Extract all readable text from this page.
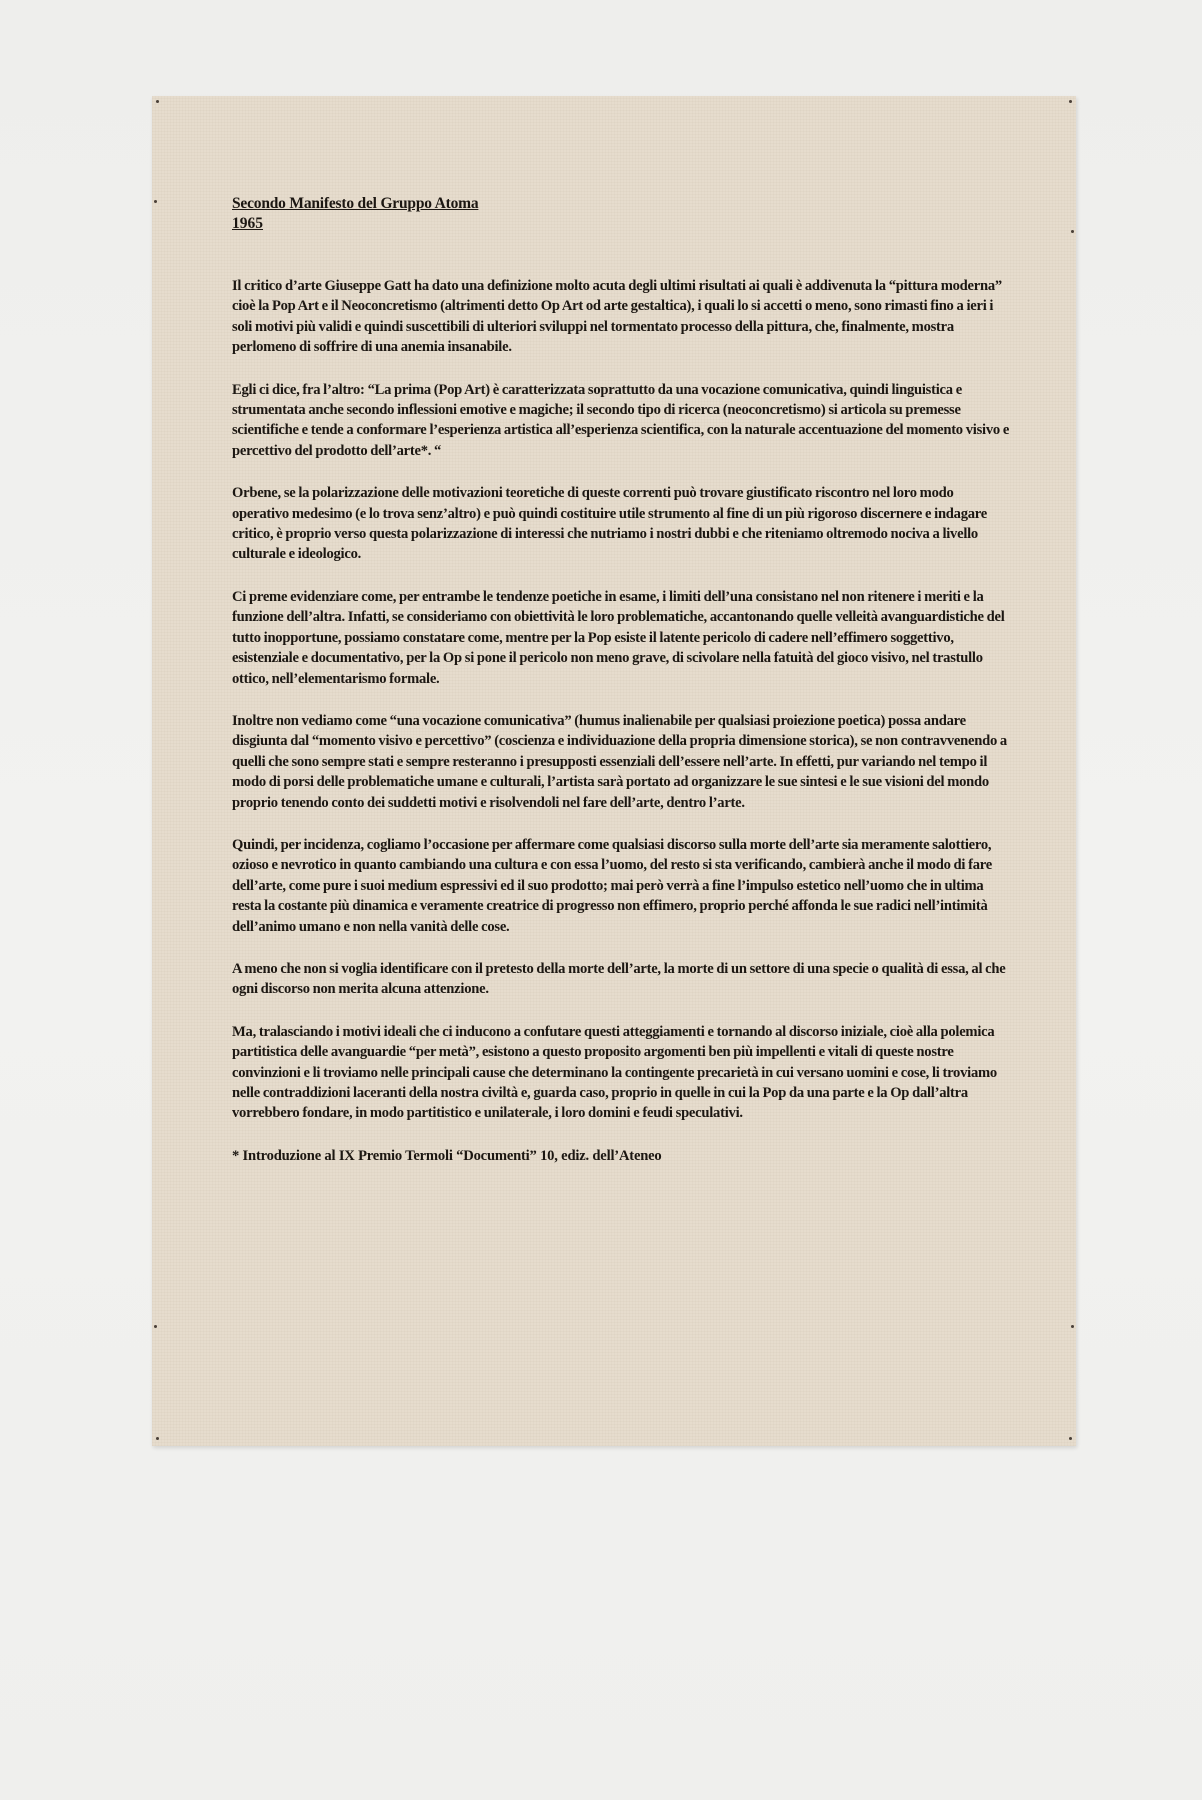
Secondo Manifesto del Gruppo Atoma
1965

Il critico d’arte Giuseppe Gatt ha dato una definizione molto acuta degli ultimi risultati ai quali è addivenuta la “pittura moderna” cioè la Pop Art e il Neoconcretismo (altrimenti detto Op Art od arte gestaltica), i quali lo si accetti o meno, sono rimasti fino a ieri i soli motivi più validi e quindi suscettibili di ulteriori sviluppi nel tormentato processo della pittura, che, finalmente, mostra perlomeno di soffrire di una anemia insanabile.

Egli ci dice, fra l’altro: “La prima (Pop Art) è caratterizzata soprattutto da una vocazione comunicativa, quindi linguistica e strumentata anche secondo inflessioni emotive e magiche; il secondo tipo di ricerca (neoconcretismo) si articola su premesse scientifiche e tende a conformare l’esperienza artistica all’esperienza scientifica, con la naturale accentuazione del momento visivo e percettivo del prodotto dell’arte*. “

Orbene, se la polarizzazione delle motivazioni teoretiche di queste correnti può trovare giustificato riscontro nel loro modo operativo medesimo (e lo trova senz’altro) e può quindi costituire utile strumento al fine di un più rigoroso discernere e indagare critico, è proprio verso questa polarizzazione di interessi che nutriamo i nostri dubbi e che riteniamo oltremodo nociva a livello culturale e ideologico.

Ci preme evidenziare come, per entrambe le tendenze poetiche in esame, i limiti dell’una consistano nel non ritenere i meriti e la funzione dell’altra. Infatti, se consideriamo con obiettività le loro problematiche, accantonando quelle velleità avanguardistiche del tutto inopportune, possiamo constatare come, mentre per la Pop esiste il latente pericolo di cadere nell’effimero soggettivo, esistenziale e documentativo, per la Op si pone il pericolo non meno grave, di scivolare nella fatuità del gioco visivo, nel trastullo ottico, nell’elementarismo formale.

Inoltre non vediamo come “una vocazione comunicativa” (humus inalienabile per qualsiasi proiezione poetica) possa andare disgiunta dal “momento visivo e percettivo” (coscienza e individuazione della propria dimensione storica), se non contravvenendo a quelli che sono sempre stati e sempre resteranno i presupposti essenziali dell’essere nell’arte. In effetti, pur variando nel tempo il modo di porsi delle problematiche umane e culturali, l’artista sarà portato ad organizzare le sue sintesi e le sue visioni del mondo proprio tenendo conto dei suddetti motivi e risolvendoli nel fare dell’arte, dentro l’arte.

Quindi, per incidenza, cogliamo l’occasione per affermare come qualsiasi discorso sulla morte dell’arte sia meramente salottiero, ozioso e nevrotico in quanto cambiando una cultura e con essa l’uomo, del resto si sta verificando, cambierà anche il modo di fare dell’arte, come pure i suoi medium espressivi ed il suo prodotto; mai però verrà a fine l’impulso estetico nell’uomo che in ultima resta la costante più dinamica e veramente creatrice di progresso non effimero, proprio perché affonda le sue radici nell’intimità dell’animo umano e non nella vanità delle cose.

A meno che non si voglia identificare con il pretesto della morte dell’arte, la morte di un settore di una specie o qualità di essa, al che ogni discorso non merita alcuna attenzione.

Ma, tralasciando i motivi ideali che ci inducono a confutare questi atteggiamenti e tornando al discorso iniziale, cioè alla polemica partitistica delle avanguardie “per metà”, esistono a questo proposito argomenti ben più impellenti e vitali di queste nostre convinzioni e li troviamo nelle principali cause che determinano la contingente precarietà in cui versano uomini e cose, li troviamo nelle contraddizioni laceranti della nostra civiltà e, guarda caso, proprio in quelle in cui la Pop da una parte e la Op dall’altra vorrebbero fondare, in modo partitistico e unilaterale, i loro domini e feudi speculativi.

* Introduzione al IX Premio Termoli “Documenti” 10, ediz. dell’Ateneo
